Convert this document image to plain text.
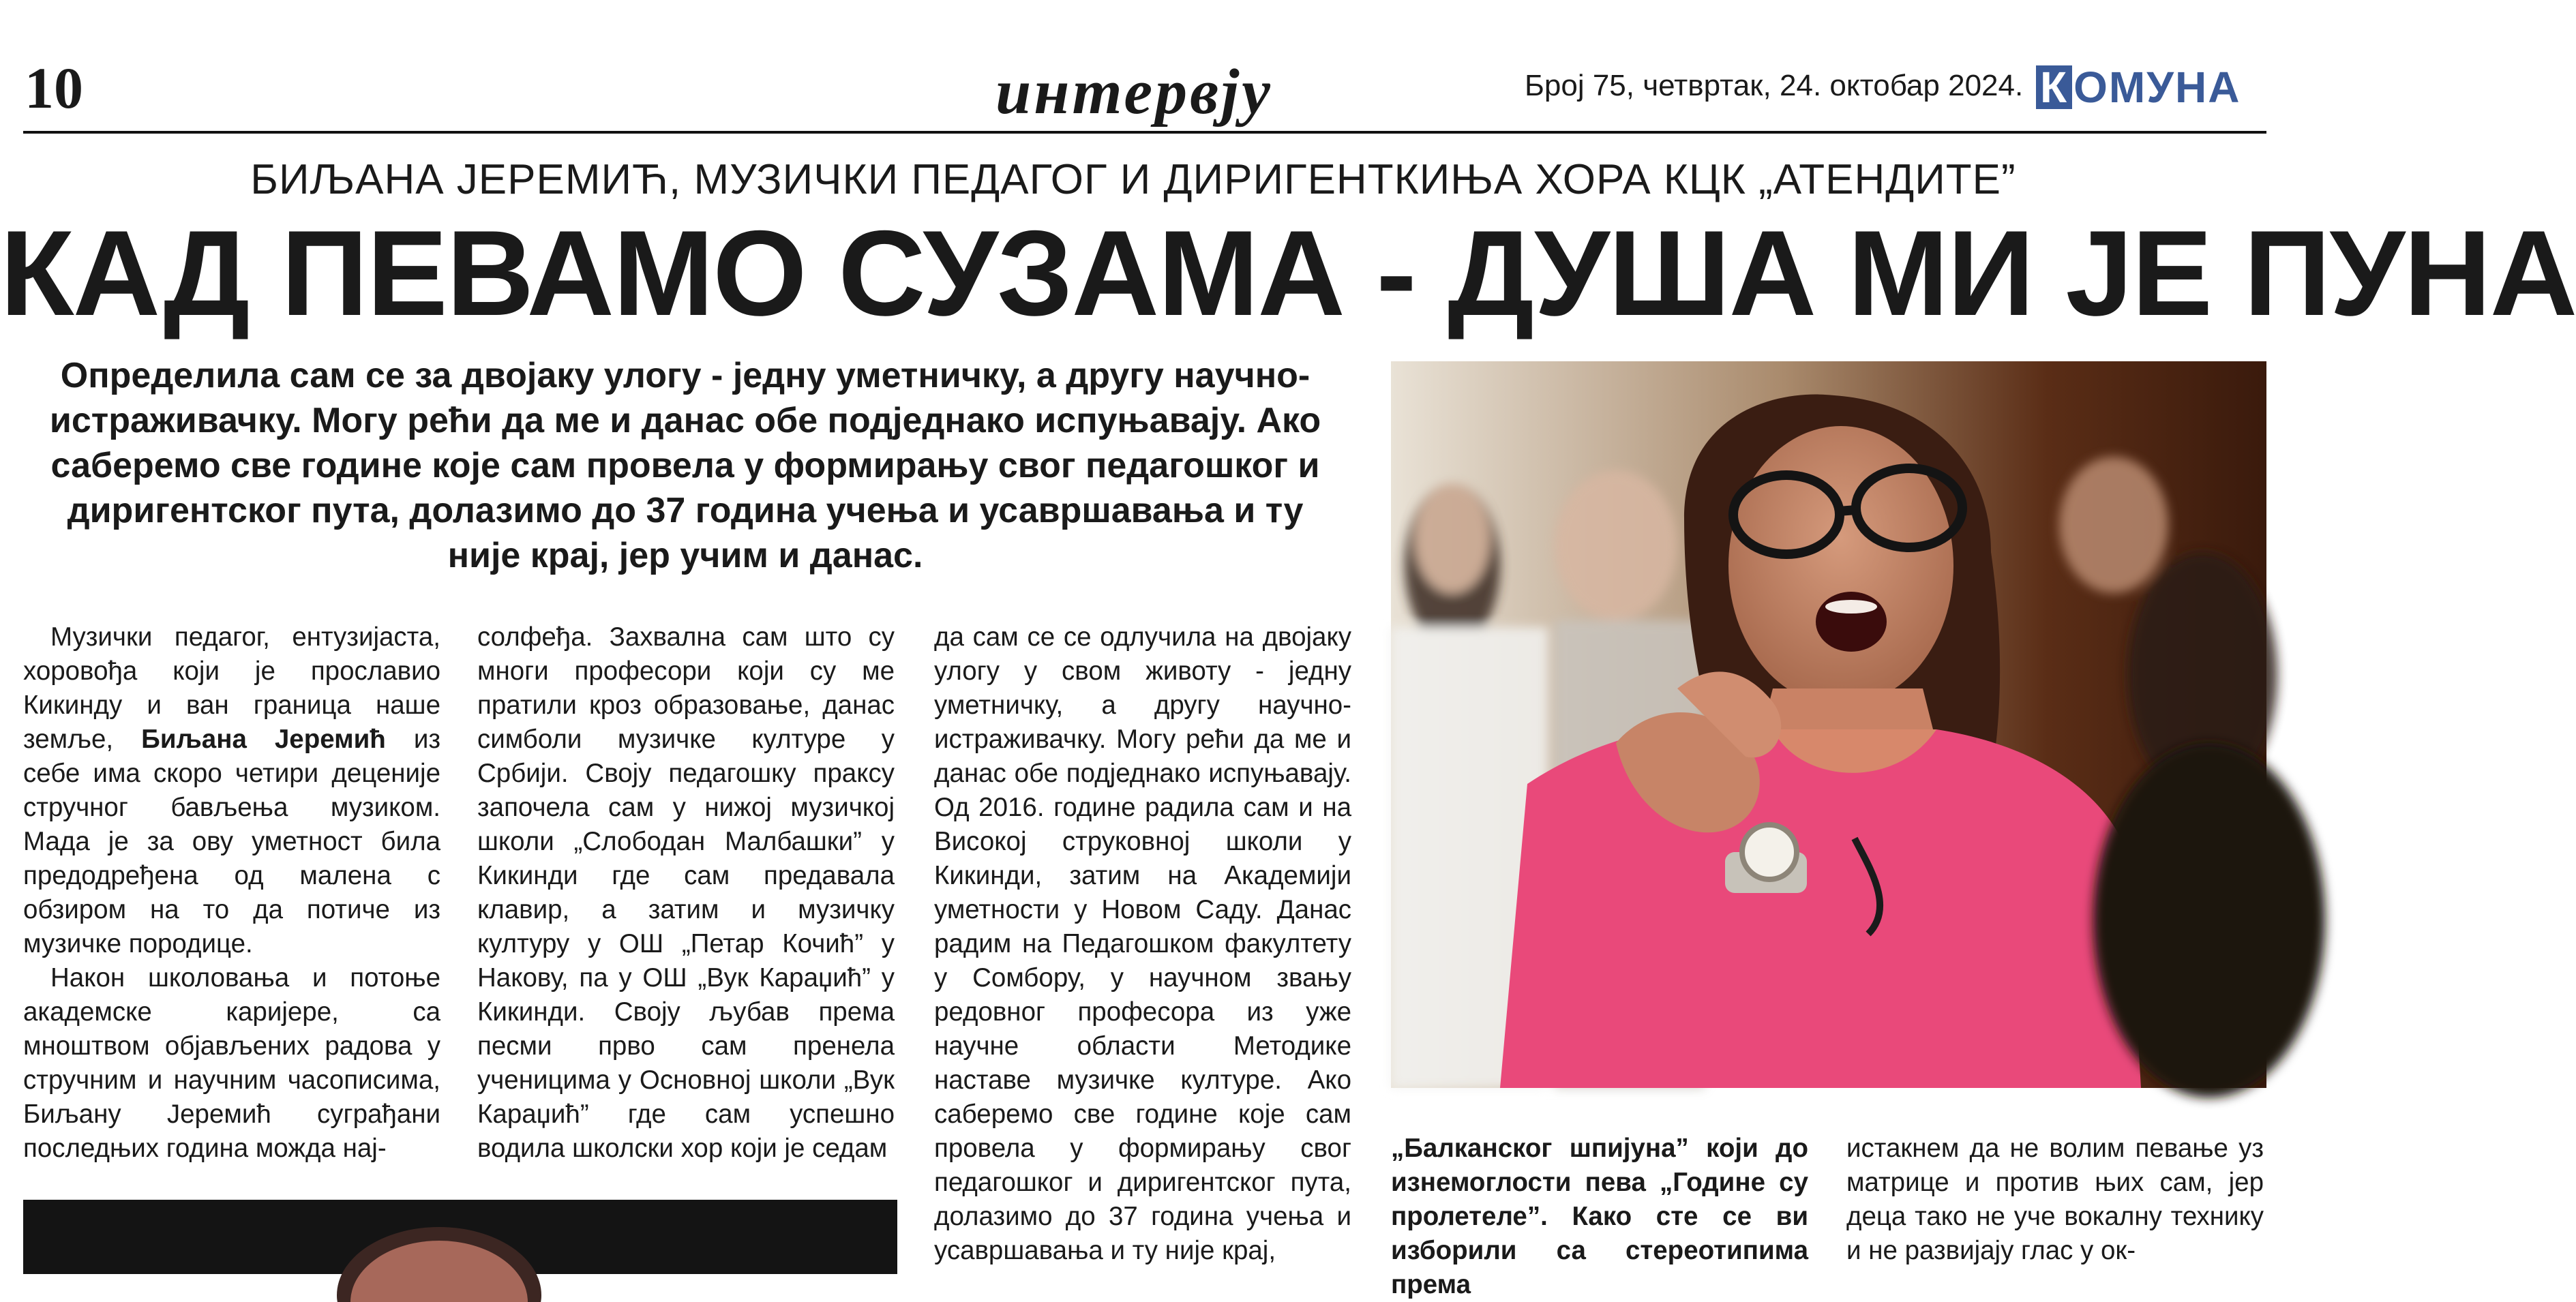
10	интервју	Број 75, четвртак, 24. oктобар 2024. К ОМУНА
БИЉАНА ЈЕРЕМИЋ, МУЗИЧКИ ПЕДАГОГ И ДИРИГЕНТКИЊА ХОРА КЦК „АТЕНДИТЕ”
КАД ПЕВАМО СУЗАМА - ДУША МИ ЈЕ ПУНА
Определила сам се за двојаку улогу - једну уметничку, а другу научно-истраживачку. Могу рећи да ме и данас обе подједнако испуњавају. Ако саберемо све године које сам провела у формирању свог педагошког и диригентског пута, долазимо до 37 година учења и усавршавања и ту није крај, јер учим и данас.

Музички педагог, ентузијаста, хоровођа који је прославио Кикинду и ван граница наше земље, Биљана Јеремић из себе има скоро четири деценије стручног бављења музиком. Мада је за ову уметност била предодређена од малена с обзиром на то да потиче из музичке породице.

Након школовања и потоње академске каријере, са мноштвом објављених радова у стручним и научним часописима, Биљану Јеремић суграђани последњих година можда нај-

солфеђа. Захвална сам што су многи професори који су ме пратили кроз образовање, данас симболи музичке културе у Србији. Своју педагошку праксу започела сам у нижој музичкој школи „Слободан Малбашки” у Кикинди где сам предавала клавир, а затим и музичку културу у ОШ „Петар Кочић” у Накову, па у ОШ „Вук Караџић” у Кикинди. Своју љубав према песми прво сам пренела ученицима у Основној школи „Вук Караџић” где сам успешно водила школски хор који је седам

да сам се се одлучила на двојаку улогу у свом животу - једну уметничку, а другу научно-истраживачку. Могу рећи да ме и данас обе подједнако испуњавају. Од 2016. године радила сам и на Високој струковној школи у Кикинди, затим на Академији уметности у Новом Саду. Данас радим на Педагошком факултету у Сомбору, у научном звању редовног професора из уже научне области Методике наставе музичке културе. Ако саберемо све године које сам провела у формирању свог педагошког и диригентског пута, долазимо до 37 година учења и усавршавања и ту није крај,

„Балканског шпијуна” који до изнемоглости пева „Године су пролетеле”. Како сте се ви изборили са стереотипима према

истакнем да не волим певање уз матрице и против њих сам, јер деца тако не уче вокалну технику и не развијају глас у ок-
